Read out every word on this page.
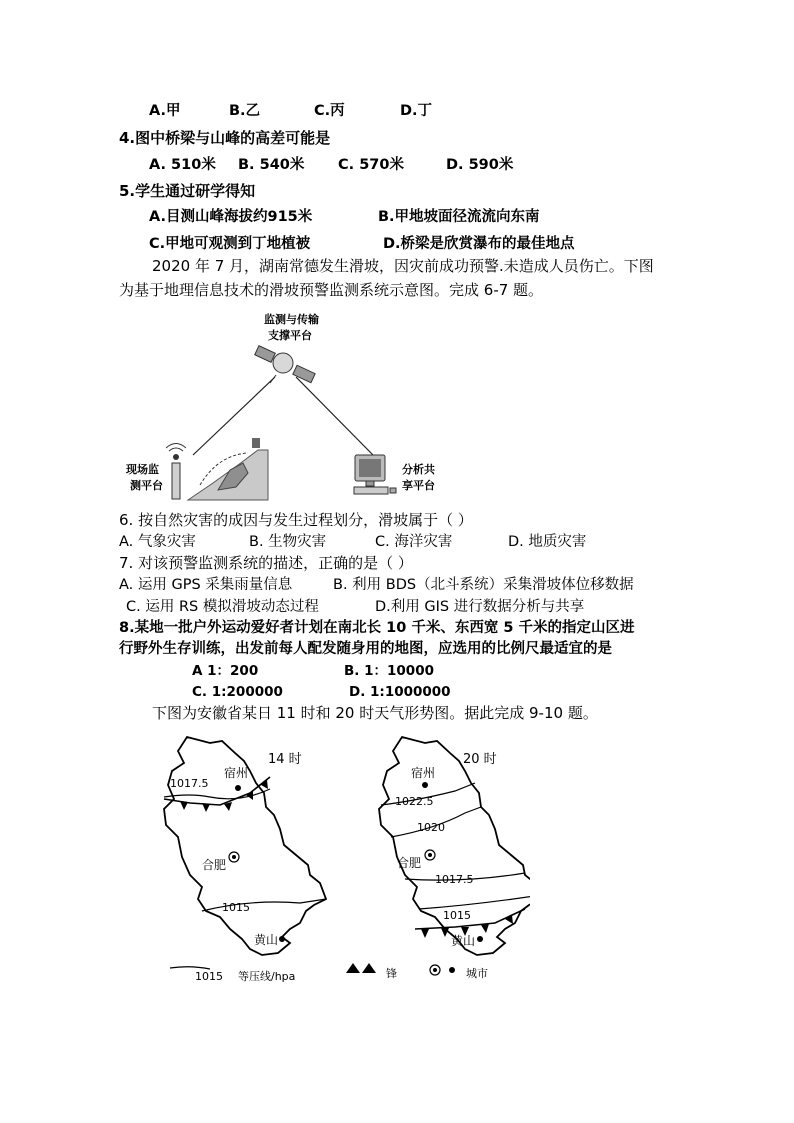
A.甲	B.乙	C.丙	D.丁
4.图中桥梁与山峰的高差可能是
A. 510米 B. 540米 C. 570米	D. 590米
5.学生通过研学得知
A.目测山峰海拔约915米	B.甲地坡面径流流向东南
C.甲地可观测到丁地植被	D.桥梁是欣赏瀑布的最佳地点
2020 年 7 月，湖南常德发生滑坡，因灾前成功预警.未造成人员伤亡。下图
为基于地理信息技术的滑坡预警监测系统示意图。完成 6-7 题。
监测与传输
支撑平台
现场监
测平台
分析共
享平台
6. 按自然灾害的成因与发生过程划分，滑坡属于（ ）
A. 气象灾害	B. 生物灾害	C. 海洋灾害	D. 地质灾害
7. 对该预警监测系统的描述，正确的是（ ）
A. 运用 GPS 采集雨量信息	B. 利用 BDS（北斗系统）采集滑坡体位移数据
C. 运用 RS 模拟滑坡动态过程	D.利用 GIS 进行数据分析与共享
8.某地一批户外运动爱好者计划在南北长 10 千米、东西宽 5 千米的指定山区进
行野外生存训练，出发前每人配发随身用的地图，应选用的比例尺最适宜的是
A 1：200	B. 1：10000
C. 1:200000	D. 1:1000000
下图为安徽省某日 11 时和 20 时天气形势图。据此完成 9-10 题。
14 时
宿州
1017.5
合肥
1015
黄山
20 时
宿州
1022.5
1020
合肥
1017.5
1015
黄山
1015 等压线/hpa	锋	城市
